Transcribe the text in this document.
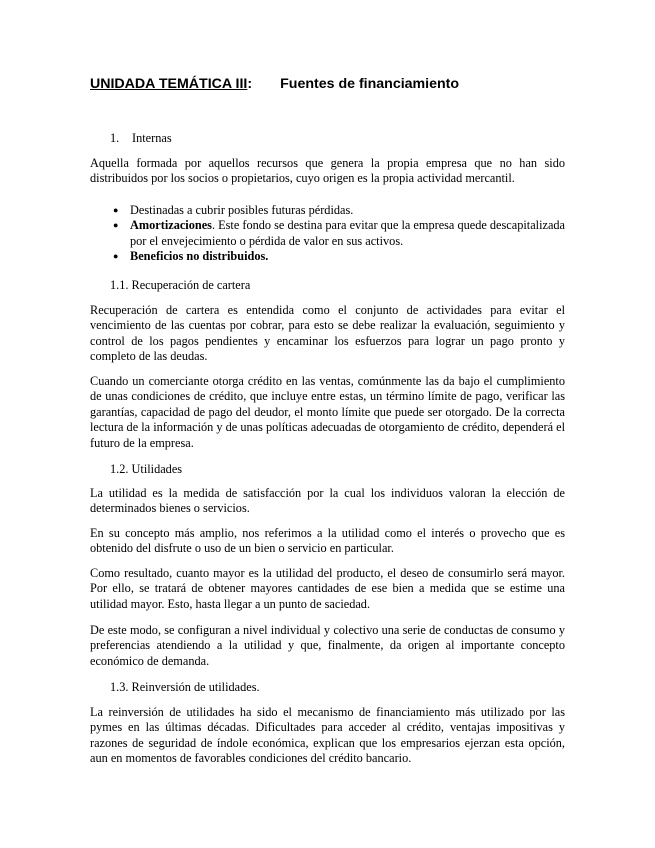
UNIDADA TEMÁTICA III: Fuentes de financiamiento
1. Internas

Aquella formada por aquellos recursos que genera la propia empresa que no han sido distribuidos por los socios o propietarios, cuyo origen es la propia actividad mercantil.

● Destinadas a cubrir posibles futuras pérdidas.
● Amortizaciones. Este fondo se destina para evitar que la empresa quede descapitalizada por el envejecimiento o pérdida de valor en sus activos.
● Beneficios no distribuidos.
1.1. Recuperación de cartera

Recuperación de cartera es entendida como el conjunto de actividades para evitar el vencimiento de las cuentas por cobrar, para esto se debe realizar la evaluación, seguimiento y control de los pagos pendientes y encaminar los esfuerzos para lograr un pago pronto y completo de las deudas.

Cuando un comerciante otorga crédito en las ventas, comúnmente las da bajo el cumplimiento de unas condiciones de crédito, que incluye entre estas, un término límite de pago, verificar las garantías, capacidad de pago del deudor, el monto límite que puede ser otorgado. De la correcta lectura de la información y de unas políticas adecuadas de otorgamiento de crédito, dependerá el futuro de la empresa.

1.2. Utilidades

La utilidad es la medida de satisfacción por la cual los individuos valoran la elección de determinados bienes o servicios.

En su concepto más amplio, nos referimos a la utilidad como el interés o provecho que es obtenido del disfrute o uso de un bien o servicio en particular.

Como resultado, cuanto mayor es la utilidad del producto, el deseo de consumirlo será mayor. Por ello, se tratará de obtener mayores cantidades de ese bien a medida que se estime una utilidad mayor. Esto, hasta llegar a un punto de saciedad.

De este modo, se configuran a nivel individual y colectivo una serie de conductas de consumo y preferencias atendiendo a la utilidad y que, finalmente, da origen al importante concepto económico de demanda.

1.3. Reinversión de utilidades.

La reinversión de utilidades ha sido el mecanismo de financiamiento más utilizado por las pymes en las últimas décadas. Dificultades para acceder al crédito, ventajas impositivas y razones de seguridad de índole económica, explican que los empresarios ejerzan esta opción, aun en momentos de favorables condiciones del crédito bancario.
